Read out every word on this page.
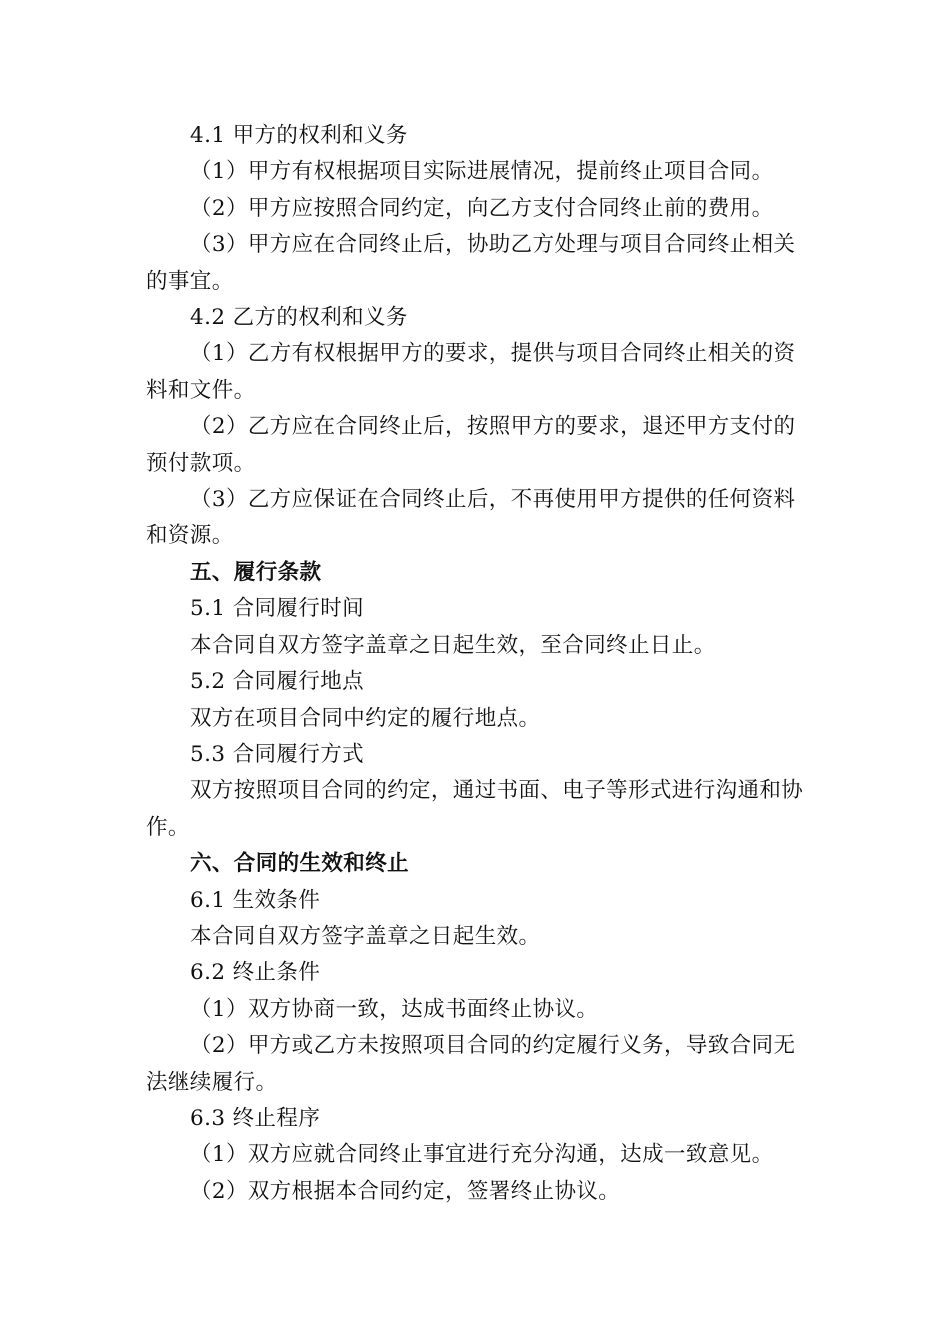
4.1 甲方的权利和义务

（1）甲方有权根据项目实际进展情况，提前终止项目合同。

（2）甲方应按照合同约定，向乙方支付合同终止前的费用。

（3）甲方应在合同终止后，协助乙方处理与项目合同终止相关的事宜。

4.2 乙方的权利和义务

（1）乙方有权根据甲方的要求，提供与项目合同终止相关的资料和文件。

（2）乙方应在合同终止后，按照甲方的要求，退还甲方支付的预付款项。

（3）乙方应保证在合同终止后，不再使用甲方提供的任何资料和资源。

五、履行条款

5.1 合同履行时间

本合同自双方签字盖章之日起生效，至合同终止日止。

5.2 合同履行地点

双方在项目合同中约定的履行地点。

5.3 合同履行方式

双方按照项目合同的约定，通过书面、电子等形式进行沟通和协作。

六、合同的生效和终止

6.1 生效条件

本合同自双方签字盖章之日起生效。

6.2 终止条件

（1）双方协商一致，达成书面终止协议。

（2）甲方或乙方未按照项目合同的约定履行义务，导致合同无法继续履行。

6.3 终止程序

（1）双方应就合同终止事宜进行充分沟通，达成一致意见。

（2）双方根据本合同约定，签署终止协议。
